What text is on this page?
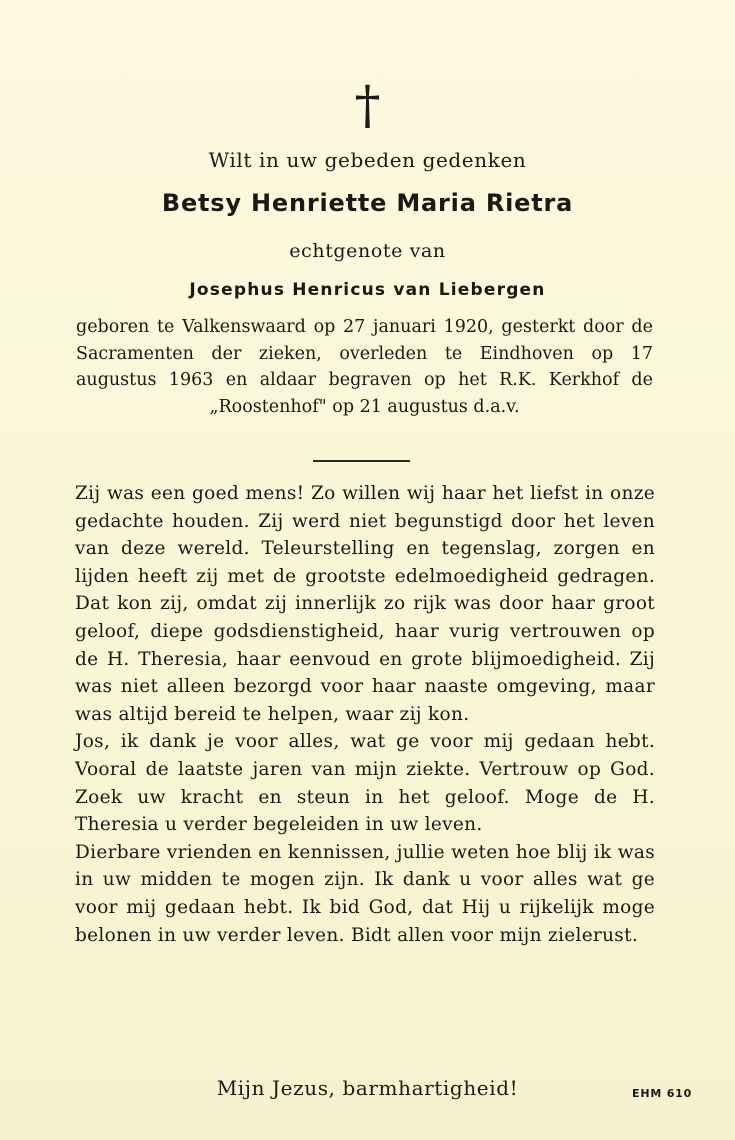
†
Wilt in uw gebeden gedenken
Betsy Henriette Maria Rietra
echtgenote van
Josephus Henricus van Liebergen
geboren te Valkenswaard op 27 januari 1920, gesterkt door de Sacramenten der zieken, overleden te Eindhoven op 17 augustus 1963 en aldaar begraven op het R.K. Kerkhof de „Roostenhof" op 21 augustus d.a.v.

Zij was een goed mens! Zo willen wij haar het liefst in onze gedachte houden. Zij werd niet begunstigd door het leven van deze wereld. Teleurstelling en tegenslag, zorgen en lijden heeft zij met de grootste edelmoedigheid gedragen. Dat kon zij, omdat zij innerlijk zo rijk was door haar groot geloof, diepe godsdienstigheid, haar vurig vertrouwen op de H. Theresia, haar eenvoud en grote blijmoedigheid. Zij was niet alleen bezorgd voor haar naaste omgeving, maar was altijd bereid te helpen, waar zij kon.

Jos, ik dank je voor alles, wat ge voor mij gedaan hebt. Vooral de laatste jaren van mijn ziekte. Vertrouw op God. Zoek uw kracht en steun in het geloof. Moge de H. Theresia u verder begeleiden in uw leven.

Dierbare vrienden en kennissen, jullie weten hoe blij ik was in uw midden te mogen zijn. Ik dank u voor alles wat ge voor mij gedaan hebt. Ik bid God, dat Hij u rijkelijk moge belonen in uw verder leven. Bidt allen voor mijn zielerust.

Mijn Jezus, barmhartigheid!	EHM 610
